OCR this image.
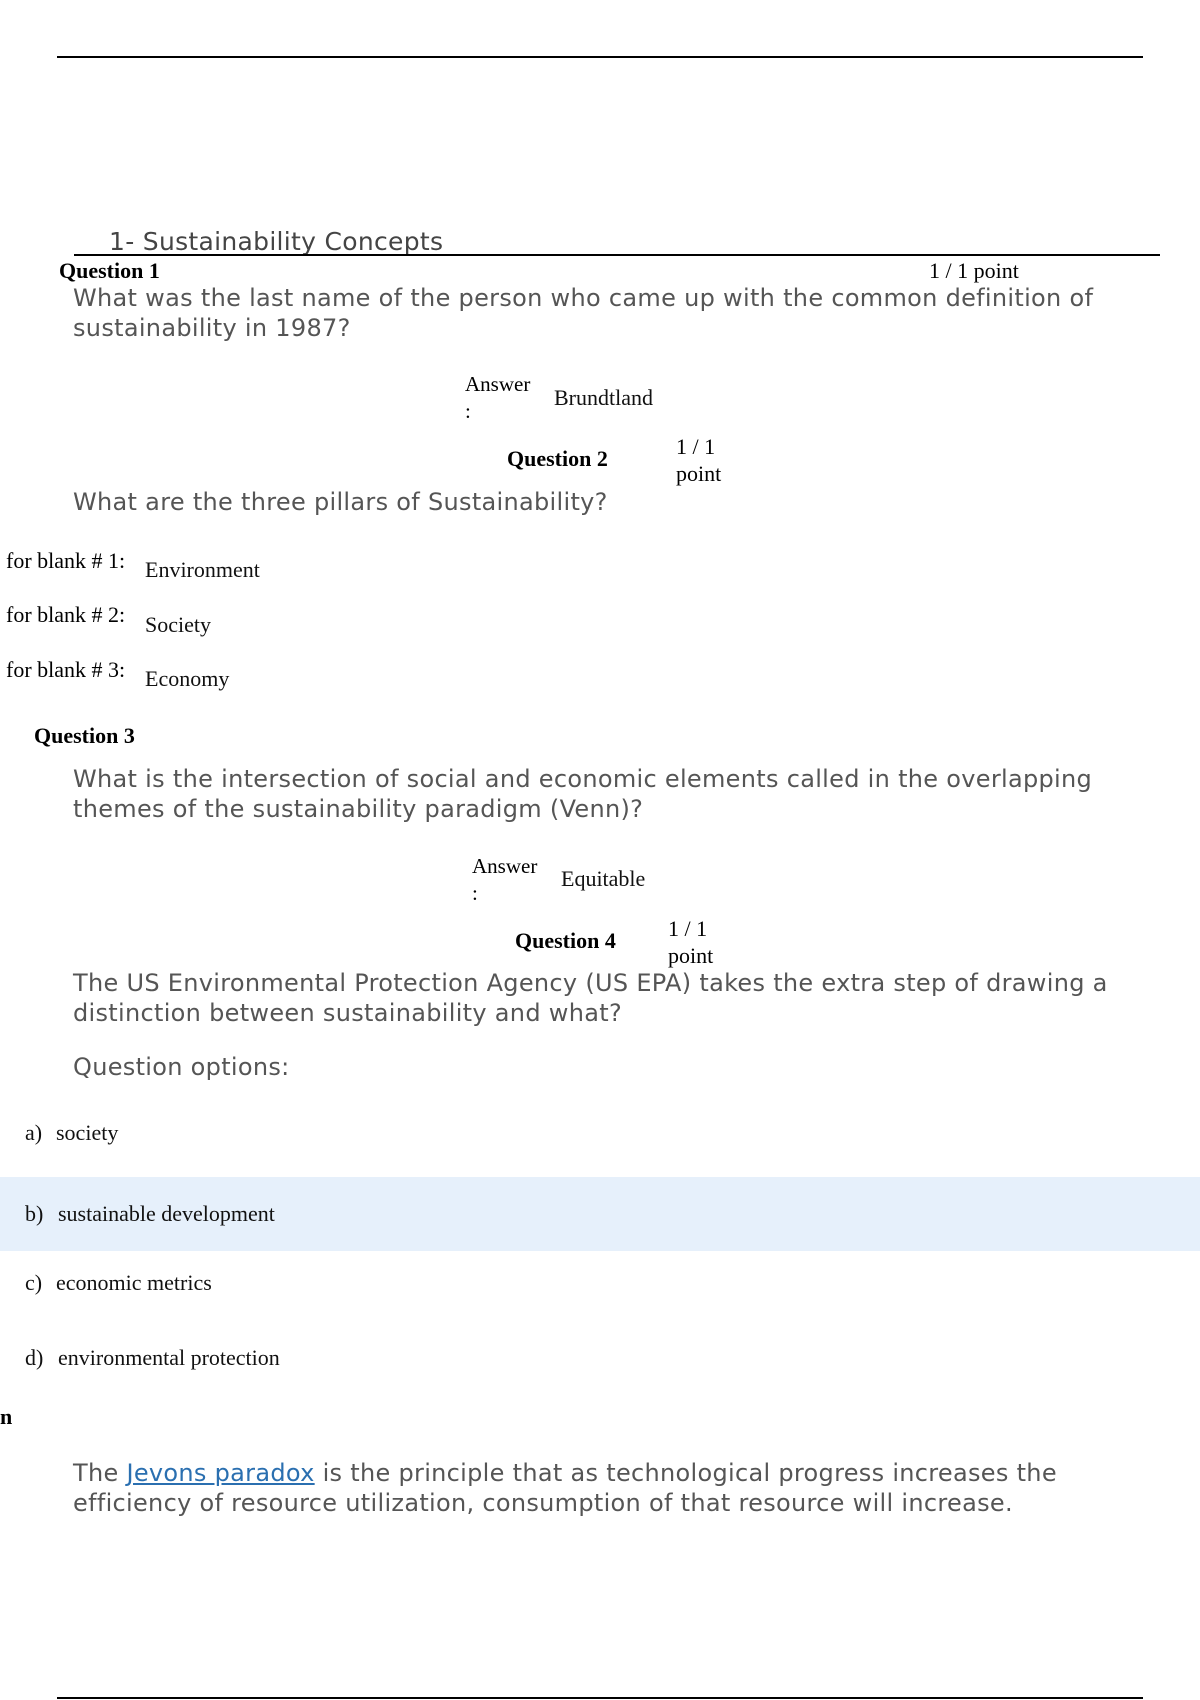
1- Sustainability Concepts
Question 1	1 / 1 point
What was the last name of the person who came up with the common definition of sustainability in 1987?
Answer
:
Brundtland
Question 2	1 / 1
point
What are the three pillars of Sustainability?
for blank # 1: Environment
for blank # 2: Society
for blank # 3: Economy
Question 3
What is the intersection of social and economic elements called in the overlapping themes of the sustainability paradigm (Venn)?
Answer
:
Equitable
Question 4 1 / 1
point
The US Environmental Protection Agency (US EPA) takes the extra step of drawing a distinction between sustainability and what?
Question options:
a) society
b) sustainable development
c) economic metrics
d) environmental protection
n
The Jevons paradox is the principle that as technological progress increases the
efficiency of resource utilization, consumption of that resource will increase.
